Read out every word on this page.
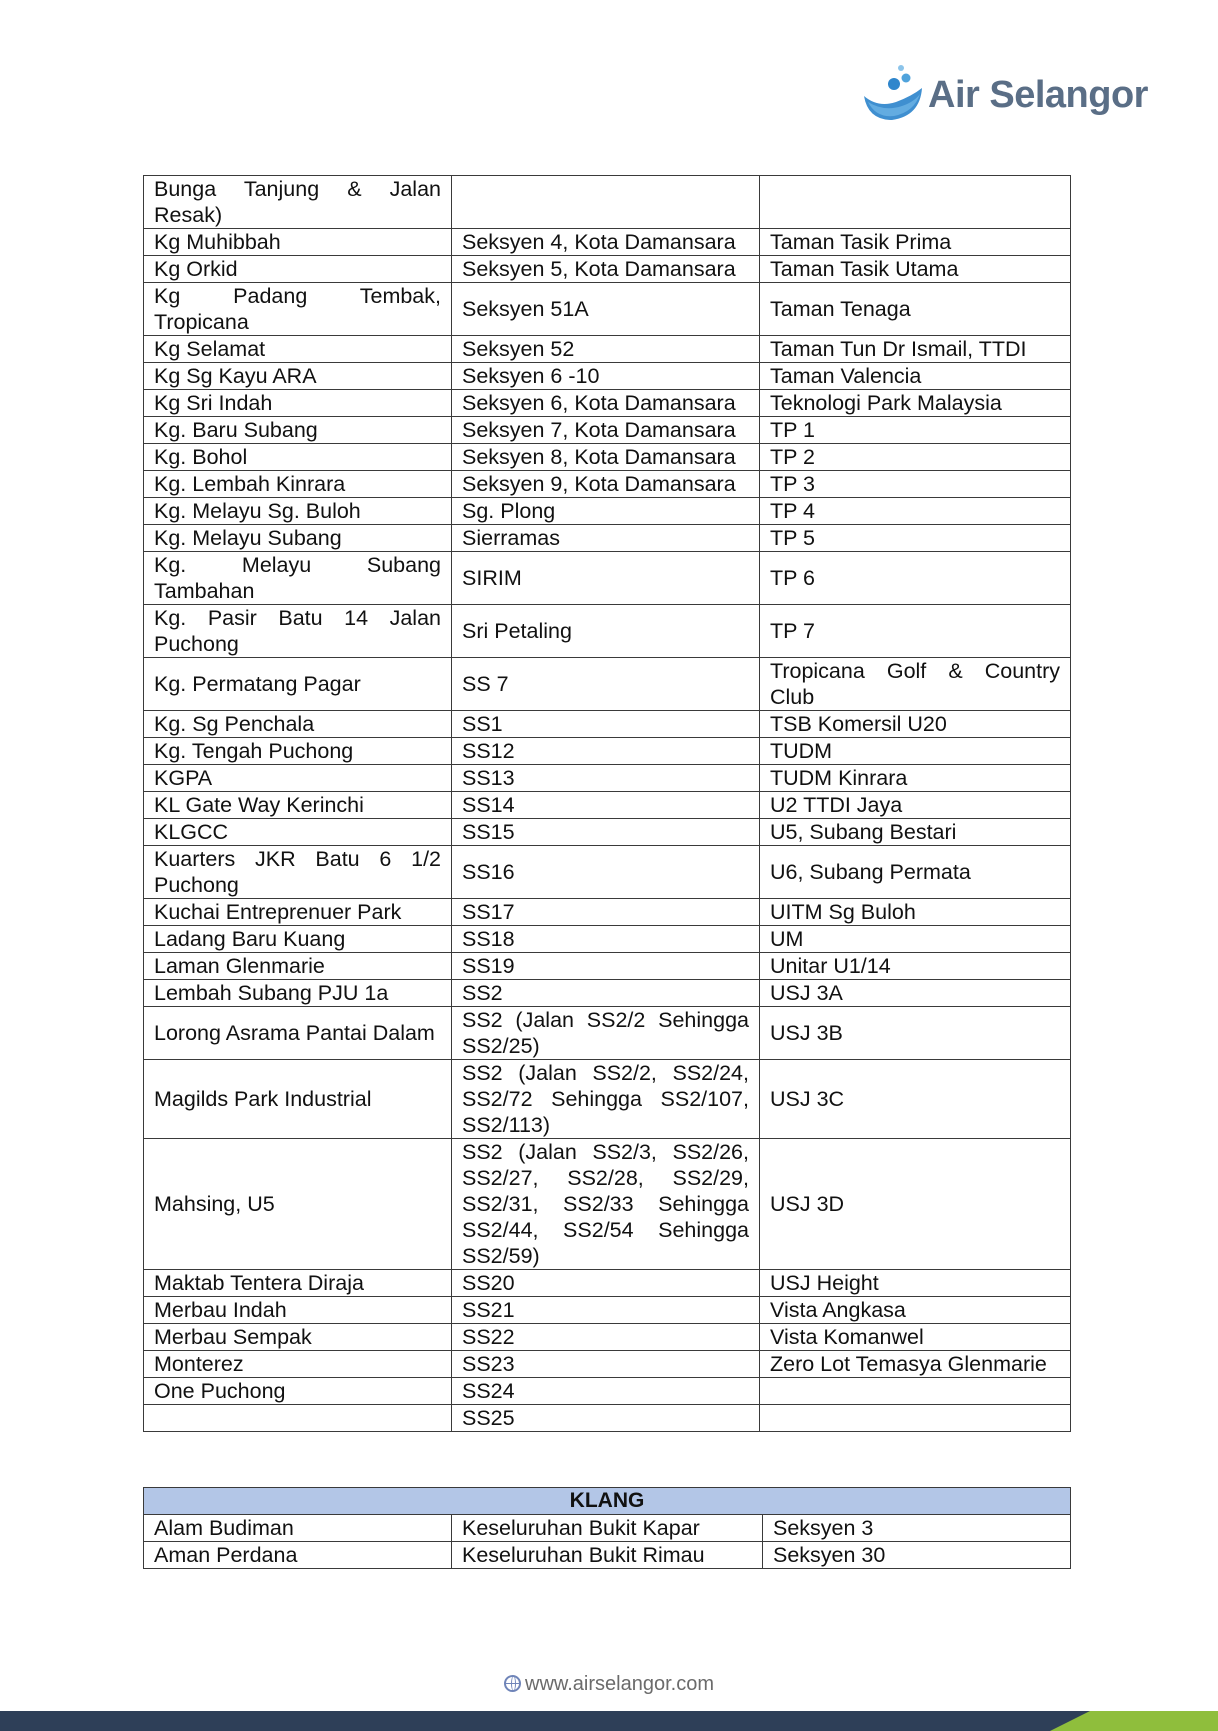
Air Selangor
Bunga Tanjung & Jalan Resak)		
Kg Muhibbah	Seksyen 4, Kota Damansara	Taman Tasik Prima
Kg Orkid	Seksyen 5, Kota Damansara	Taman Tasik Utama
Kg Padang Tembak, Tropicana	Seksyen 51A	Taman Tenaga
Kg Selamat	Seksyen 52	Taman Tun Dr Ismail, TTDI
Kg Sg Kayu ARA	Seksyen 6 -10	Taman Valencia
Kg Sri Indah	Seksyen 6, Kota Damansara	Teknologi Park Malaysia
Kg. Baru Subang	Seksyen 7, Kota Damansara	TP 1
Kg. Bohol	Seksyen 8, Kota Damansara	TP 2
Kg. Lembah Kinrara	Seksyen 9, Kota Damansara	TP 3
Kg. Melayu Sg. Buloh	Sg. Plong	TP 4
Kg. Melayu Subang	Sierramas	TP 5
Kg. Melayu Subang Tambahan	SIRIM	TP 6
Kg. Pasir Batu 14 Jalan Puchong	Sri Petaling	TP 7
Kg. Permatang Pagar	SS 7	Tropicana Golf & Country Club
Kg. Sg Penchala	SS1	TSB Komersil U20
Kg. Tengah Puchong	SS12	TUDM
KGPA	SS13	TUDM Kinrara
KL Gate Way Kerinchi	SS14	U2 TTDI Jaya
KLGCC	SS15	U5, Subang Bestari
Kuarters JKR Batu 6 1/2 Puchong	SS16	U6, Subang Permata
Kuchai Entreprenuer Park	SS17	UITM Sg Buloh
Ladang Baru Kuang	SS18	UM
Laman Glenmarie	SS19	Unitar U1/14
Lembah Subang PJU 1a	SS2	USJ 3A
Lorong Asrama Pantai Dalam	SS2 (Jalan SS2/2 Sehingga SS2/25)	USJ 3B
Magilds Park Industrial	SS2 (Jalan SS2/2, SS2/24, SS2/72 Sehingga SS2/107, SS2/113)	USJ 3C
Mahsing, U5	SS2 (Jalan SS2/3, SS2/26, SS2/27, SS2/28, SS2/29, SS2/31, SS2/33 Sehingga SS2/44, SS2/54 Sehingga SS2/59)	USJ 3D
Maktab Tentera Diraja	SS20	USJ Height
Merbau Indah	SS21	Vista Angkasa
Merbau Sempak	SS22	Vista Komanwel
Monterez	SS23	Zero Lot Temasya Glenmarie
One Puchong	SS24	
	SS25	
KLANG		
Alam Budiman	Keseluruhan Bukit Kapar	Seksyen 3
Aman Perdana	Keseluruhan Bukit Rimau	Seksyen 30
www.airselangor.com
